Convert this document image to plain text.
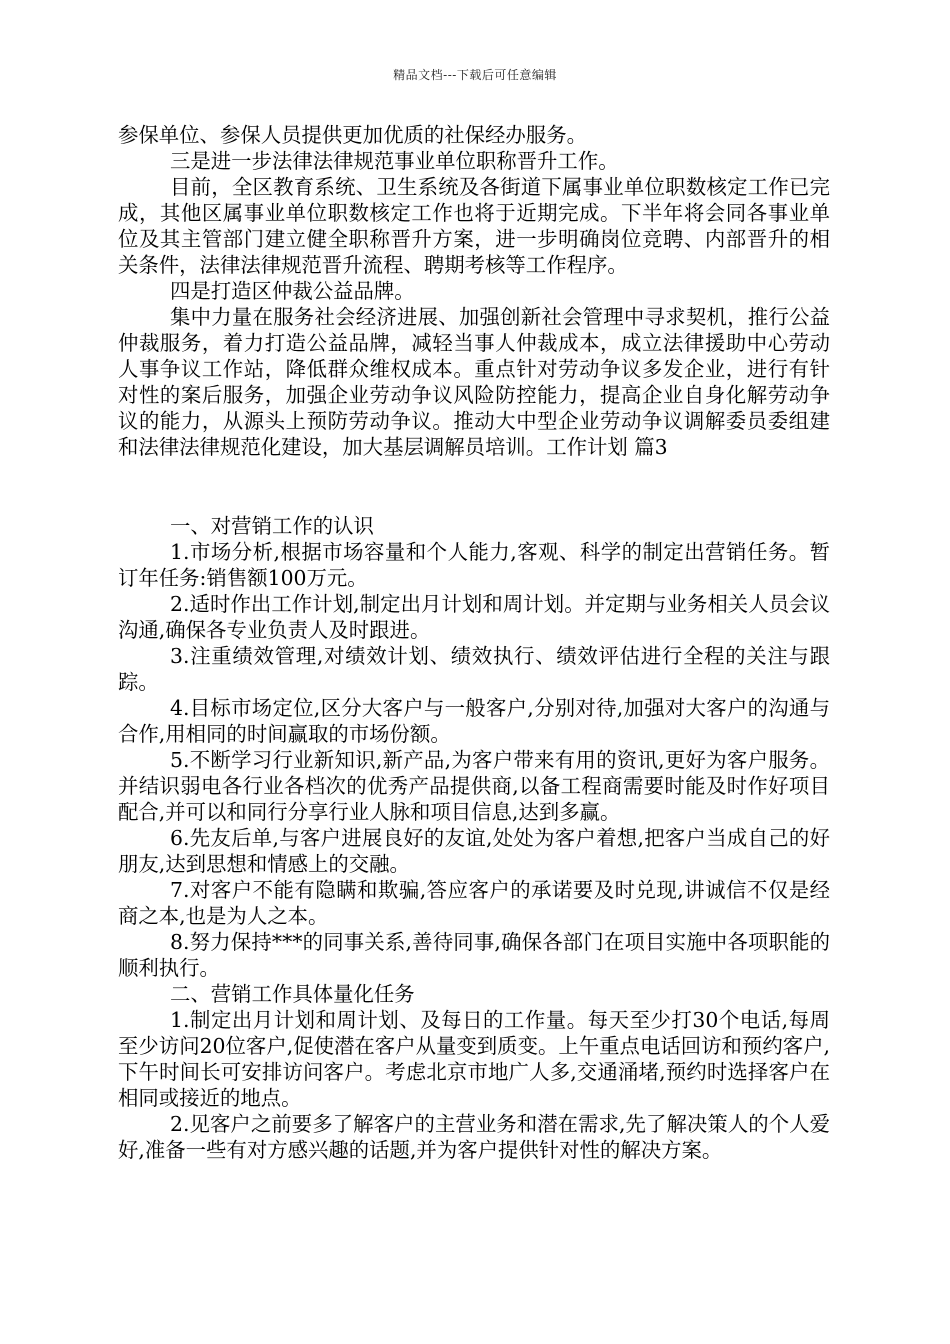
精品文档---下载后可任意编辑

参保单位、参保人员提供更加优质的社保经办服务。

三是进一步法律法律规范事业单位职称晋升工作。

目前，全区教育系统、卫生系统及各街道下属事业单位职数核定工作已完成，其他区属事业单位职数核定工作也将于近期完成。下半年将会同各事业单位及其主管部门建立健全职称晋升方案，进一步明确岗位竞聘、内部晋升的相关条件，法律法律规范晋升流程、聘期考核等工作程序。

四是打造区仲裁公益品牌。

集中力量在服务社会经济进展、加强创新社会管理中寻求契机，推行公益仲裁服务，着力打造公益品牌，减轻当事人仲裁成本，成立法律援助中心劳动人事争议工作站，降低群众维权成本。重点针对劳动争议多发企业，进行有针对性的案后服务，加强企业劳动争议风险防控能力，提高企业自身化解劳动争议的能力，从源头上预防劳动争议。推动大中型企业劳动争议调解委员委组建和法律法律规范化建设，加大基层调解员培训。工作计划 篇3

一、对营销工作的认识

1.市场分析,根据市场容量和个人能力,客观、科学的制定出营销任务。暂订年任务:销售额100万元。

2.适时作出工作计划,制定出月计划和周计划。并定期与业务相关人员会议沟通,确保各专业负责人及时跟进。

3.注重绩效管理,对绩效计划、绩效执行、绩效评估进行全程的关注与跟踪。

4.目标市场定位,区分大客户与一般客户,分别对待,加强对大客户的沟通与合作,用相同的时间赢取的市场份额。

5.不断学习行业新知识,新产品,为客户带来有用的资讯,更好为客户服务。并结识弱电各行业各档次的优秀产品提供商,以备工程商需要时能及时作好项目配合,并可以和同行分享行业人脉和项目信息,达到多赢。

6.先友后单,与客户进展良好的友谊,处处为客户着想,把客户当成自己的好朋友,达到思想和情感上的交融。

7.对客户不能有隐瞒和欺骗,答应客户的承诺要及时兑现,讲诚信不仅是经商之本,也是为人之本。

8.努力保持***的同事关系,善待同事,确保各部门在项目实施中各项职能的顺利执行。

二、营销工作具体量化任务

1.制定出月计划和周计划、及每日的工作量。每天至少打30个电话,每周至少访问20位客户,促使潜在客户从量变到质变。上午重点电话回访和预约客户,下午时间长可安排访问客户。考虑北京市地广人多,交通涌堵,预约时选择客户在相同或接近的地点。

2.见客户之前要多了解客户的主营业务和潜在需求,先了解决策人的个人爱好,准备一些有对方感兴趣的话题,并为客户提供针对性的解决方案。
